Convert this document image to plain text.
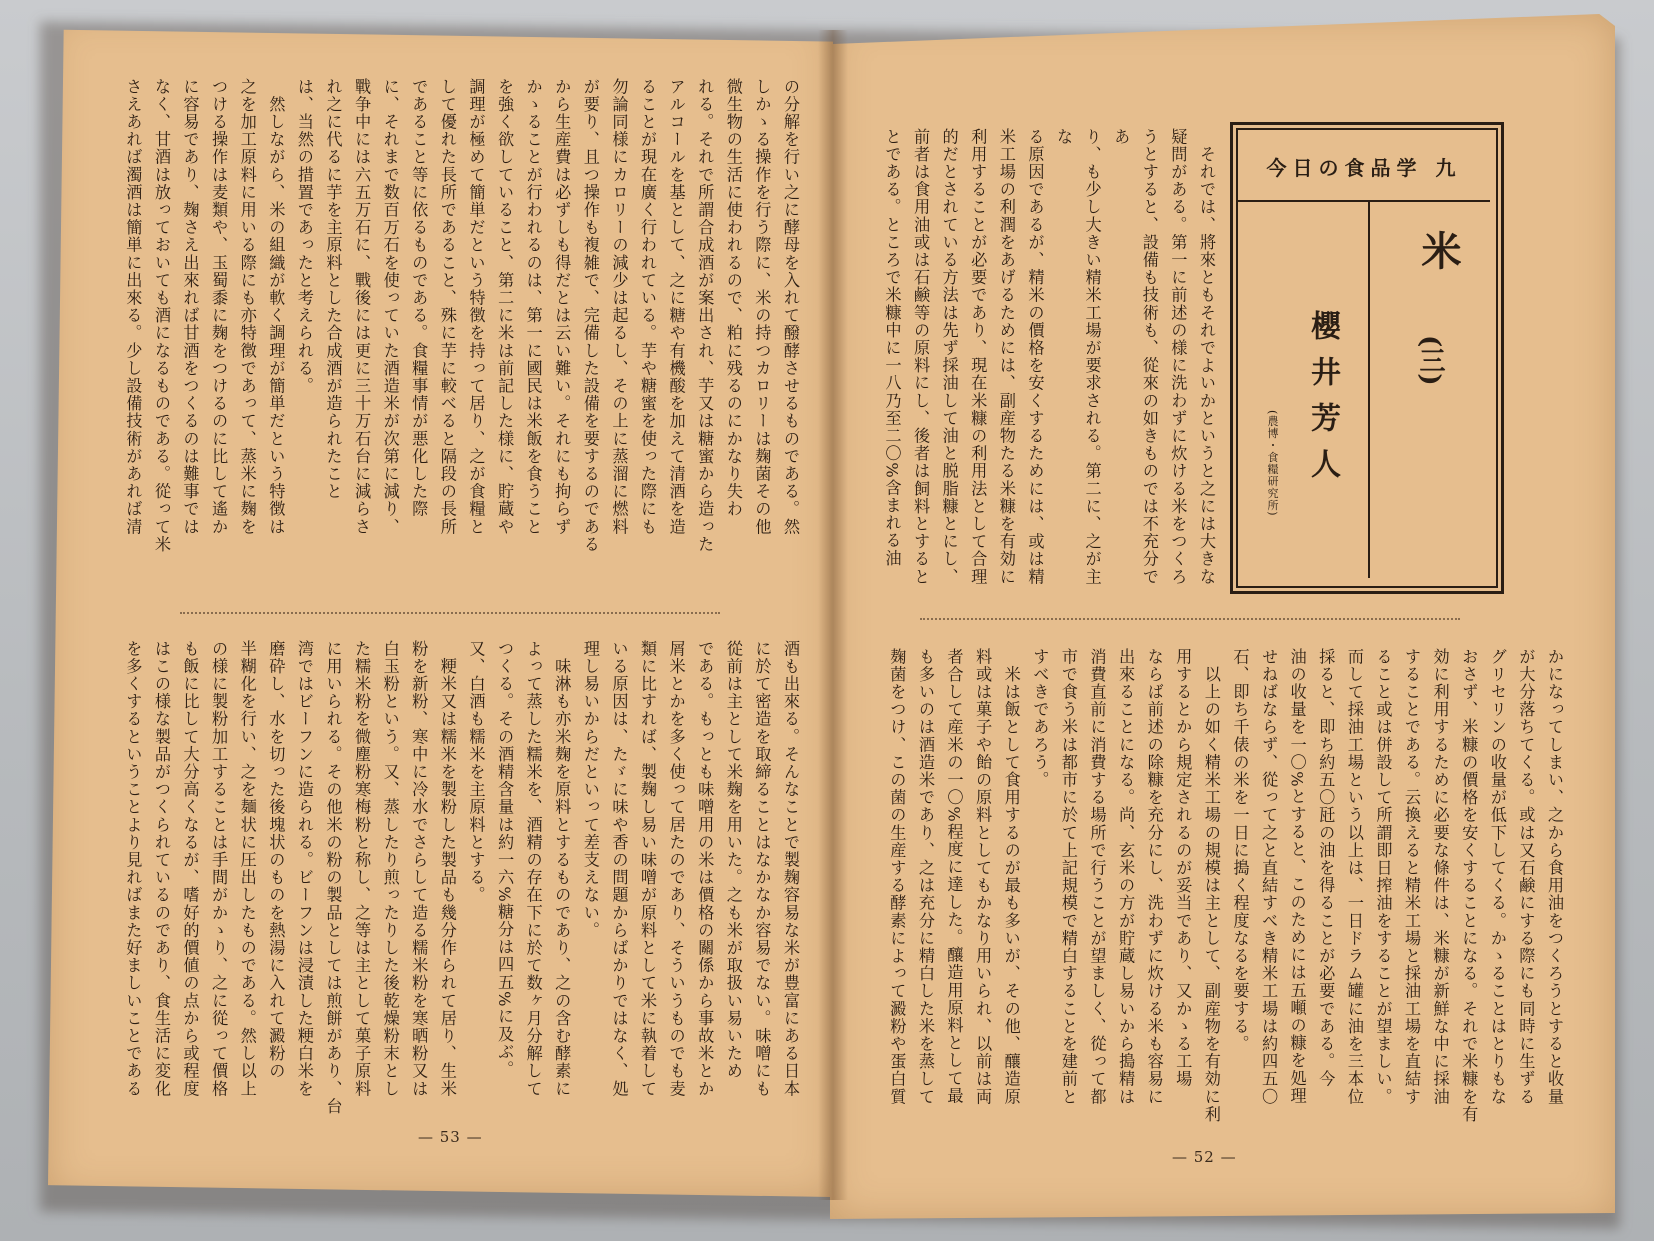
の分解を行い之に酵母を入れて醱酵させるものである。然
しかゝる操作を行う際に、米の持つカロリーは麹菌その他
微生物の生活に使われるので、粕に残るのにかなり失わ
れる。それで所謂合成酒が案出され、芋又は糖蜜から造った
アルコールを基として、之に糖や有機酸を加えて清酒を造
ることが現在廣く行われている。芋や糖蜜を使った際にも
勿論同様にカロリーの減少は起るし、その上に蒸溜に燃料
が要り、且つ操作も複雑で、完備した設備を要するのである
から生産費は必ずしも得だとは云い難い。それにも拘らず
かゝることが行われるのは、第一に國民は米飯を食うこと
を強く欲していること、第二に米は前記した様に、貯蔵や
調理が極めて簡単だという特徴を持って居り、之が食糧と
して優れた長所であること、殊に芋に較べると隔段の長所
であること等に依るものである。食糧事情が悪化した際
に、それまで数百万石を使っていた酒造米が次第に減り、
戰争中には六五万石に、戰後には更に三十万石台に減らさ
れ之に代るに芋を主原料とした合成酒が造られたこと
は、当然の措置であったと考えられる。
　然しながら、米の組織が軟く調理が簡単だという特徴は
之を加工原料に用いる際にも亦特徴であって、蒸米に麹を
つける操作は麦類や、玉蜀黍に麹をつけるのに比して遙か
に容易であり、麹さえ出來れば甘酒をつくるのは難事では
なく、甘酒は放っておいても酒になるものである。從って米
さえあれば濁酒は簡単に出來る。少し設備技術があれば清
酒も出來る。そんなことで製麹容易な米が豊富にある日本
に於て密造を取締ることはなかなか容易でない。味噌にも
從前は主として米麹を用いた。之も米が取扱い易いため
である。もっとも味噌用の米は價格の關係から事故米とか
屑米とかを多く使って居たのであり、そういうものでも麦
類に比すれば、製麹し易い味噌が原料として米に執着して
いる原因は、たゞに味や香の問題からばかりではなく、処
理し易いからだといって差支えない。
　味淋も亦米麹を原料とするものであり、之の含む酵素に
よって蒸した糯米を、酒精の存在下に於て数ヶ月分解して
つくる。その酒精含量は約一六%糖分は四五%に及ぶ。
又、白酒も糯米を主原料とする。
　粳米又は糯米を製粉した製品も幾分作られて居り、生米
粉を新粉、寒中に冷水でさらして造る糯米粉を寒晒粉又は
白玉粉という。又、蒸したり煎ったりした後乾燥粉末とし
た糯米粉を微塵粉寒梅粉と称し、之等は主として菓子原料
に用いられる。その他米の粉の製品としては煎餅があり、台
湾ではビーフンに造られる。ビーフンは浸漬した粳白米を
磨砕し、水を切った後塊状のものを熱湯に入れて澱粉の
半糊化を行い、之を麺状に圧出したものである。然し以上
の様に製粉加工することは手間がかゝり、之に從って價格
も飯に比して大分高くなるが、嗜好的價値の点から或程度
はこの様な製品がつくられているのであり、食生活に変化
を多くするということより見ればまた好ましいことである
— 53 —
　それでは、將來ともそれでよいかというと之には大きな
疑問がある。第一に前述の様に洗わずに炊ける米をつくろ
うとすると、設備も技術も、從來の如きものでは不充分であ
り、も少し大きい精米工場が要求される。第二に、之が主な
る原因であるが、精米の價格を安くするためには、或は精
米工場の利潤をあげるためには、副産物たる米糠を有効に
利用することが必要であり、現在米糠の利用法として合理
的だとされている方法は先ず採油して油と脱脂糠とにし、
前者は食用油或は石鹸等の原料にし、後者は飼料とすると
とである。ところで米糠中に一八乃至二〇%含まれる油

今日の食品学 九
米
(三)
櫻井芳人
(農博・食糧研究所)
かになってしまい、之から食用油をつくろうとすると收量
が大分落ちてくる。或は又石鹸にする際にも同時に生ずる
グリセリンの收量が低下してくる。かゝることはとりもな
おさず、米糠の價格を安くすることになる。それで米糠を有
効に利用するために必要な條件は、米糠が新鮮な中に採油
することである。云換えると精米工場と採油工場を直結す
ること或は併設して所謂即日搾油をすることが望ましい。
而して採油工場という以上は、一日ドラム罐に油を三本位
採ると、即ち約五〇瓩の油を得ることが必要である。今
油の收量を一〇%とすると、このためには五噸の糠を処理
せねばならず、從って之と直結すべき精米工場は約四五〇
石、即ち千俵の米を一日に搗く程度なるを要する。
　以上の如く精米工場の規模は主として、副産物を有効に利
用するとから規定されるのが妥当であり、又かゝる工場
ならば前述の除糠を充分にし、洗わずに炊ける米も容易に
出來ることになる。尚、玄米の方が貯蔵し易いから搗精は
消費直前に消費する場所で行うことが望ましく、從って都
市で食う米は都市に於て上記規模で精白することを建前と
すべきであろう。
　米は飯として食用するのが最も多いが、その他、釀造原
料或は菓子や飴の原料としてもかなり用いられ、以前は両
者合して産米の一〇%程度に達した。釀造用原料として最
も多いのは酒造米であり、之は充分に精白した米を蒸して
麹菌をつけ、この菌の生産する酵素によって澱粉や蛋白質
— 52 —
